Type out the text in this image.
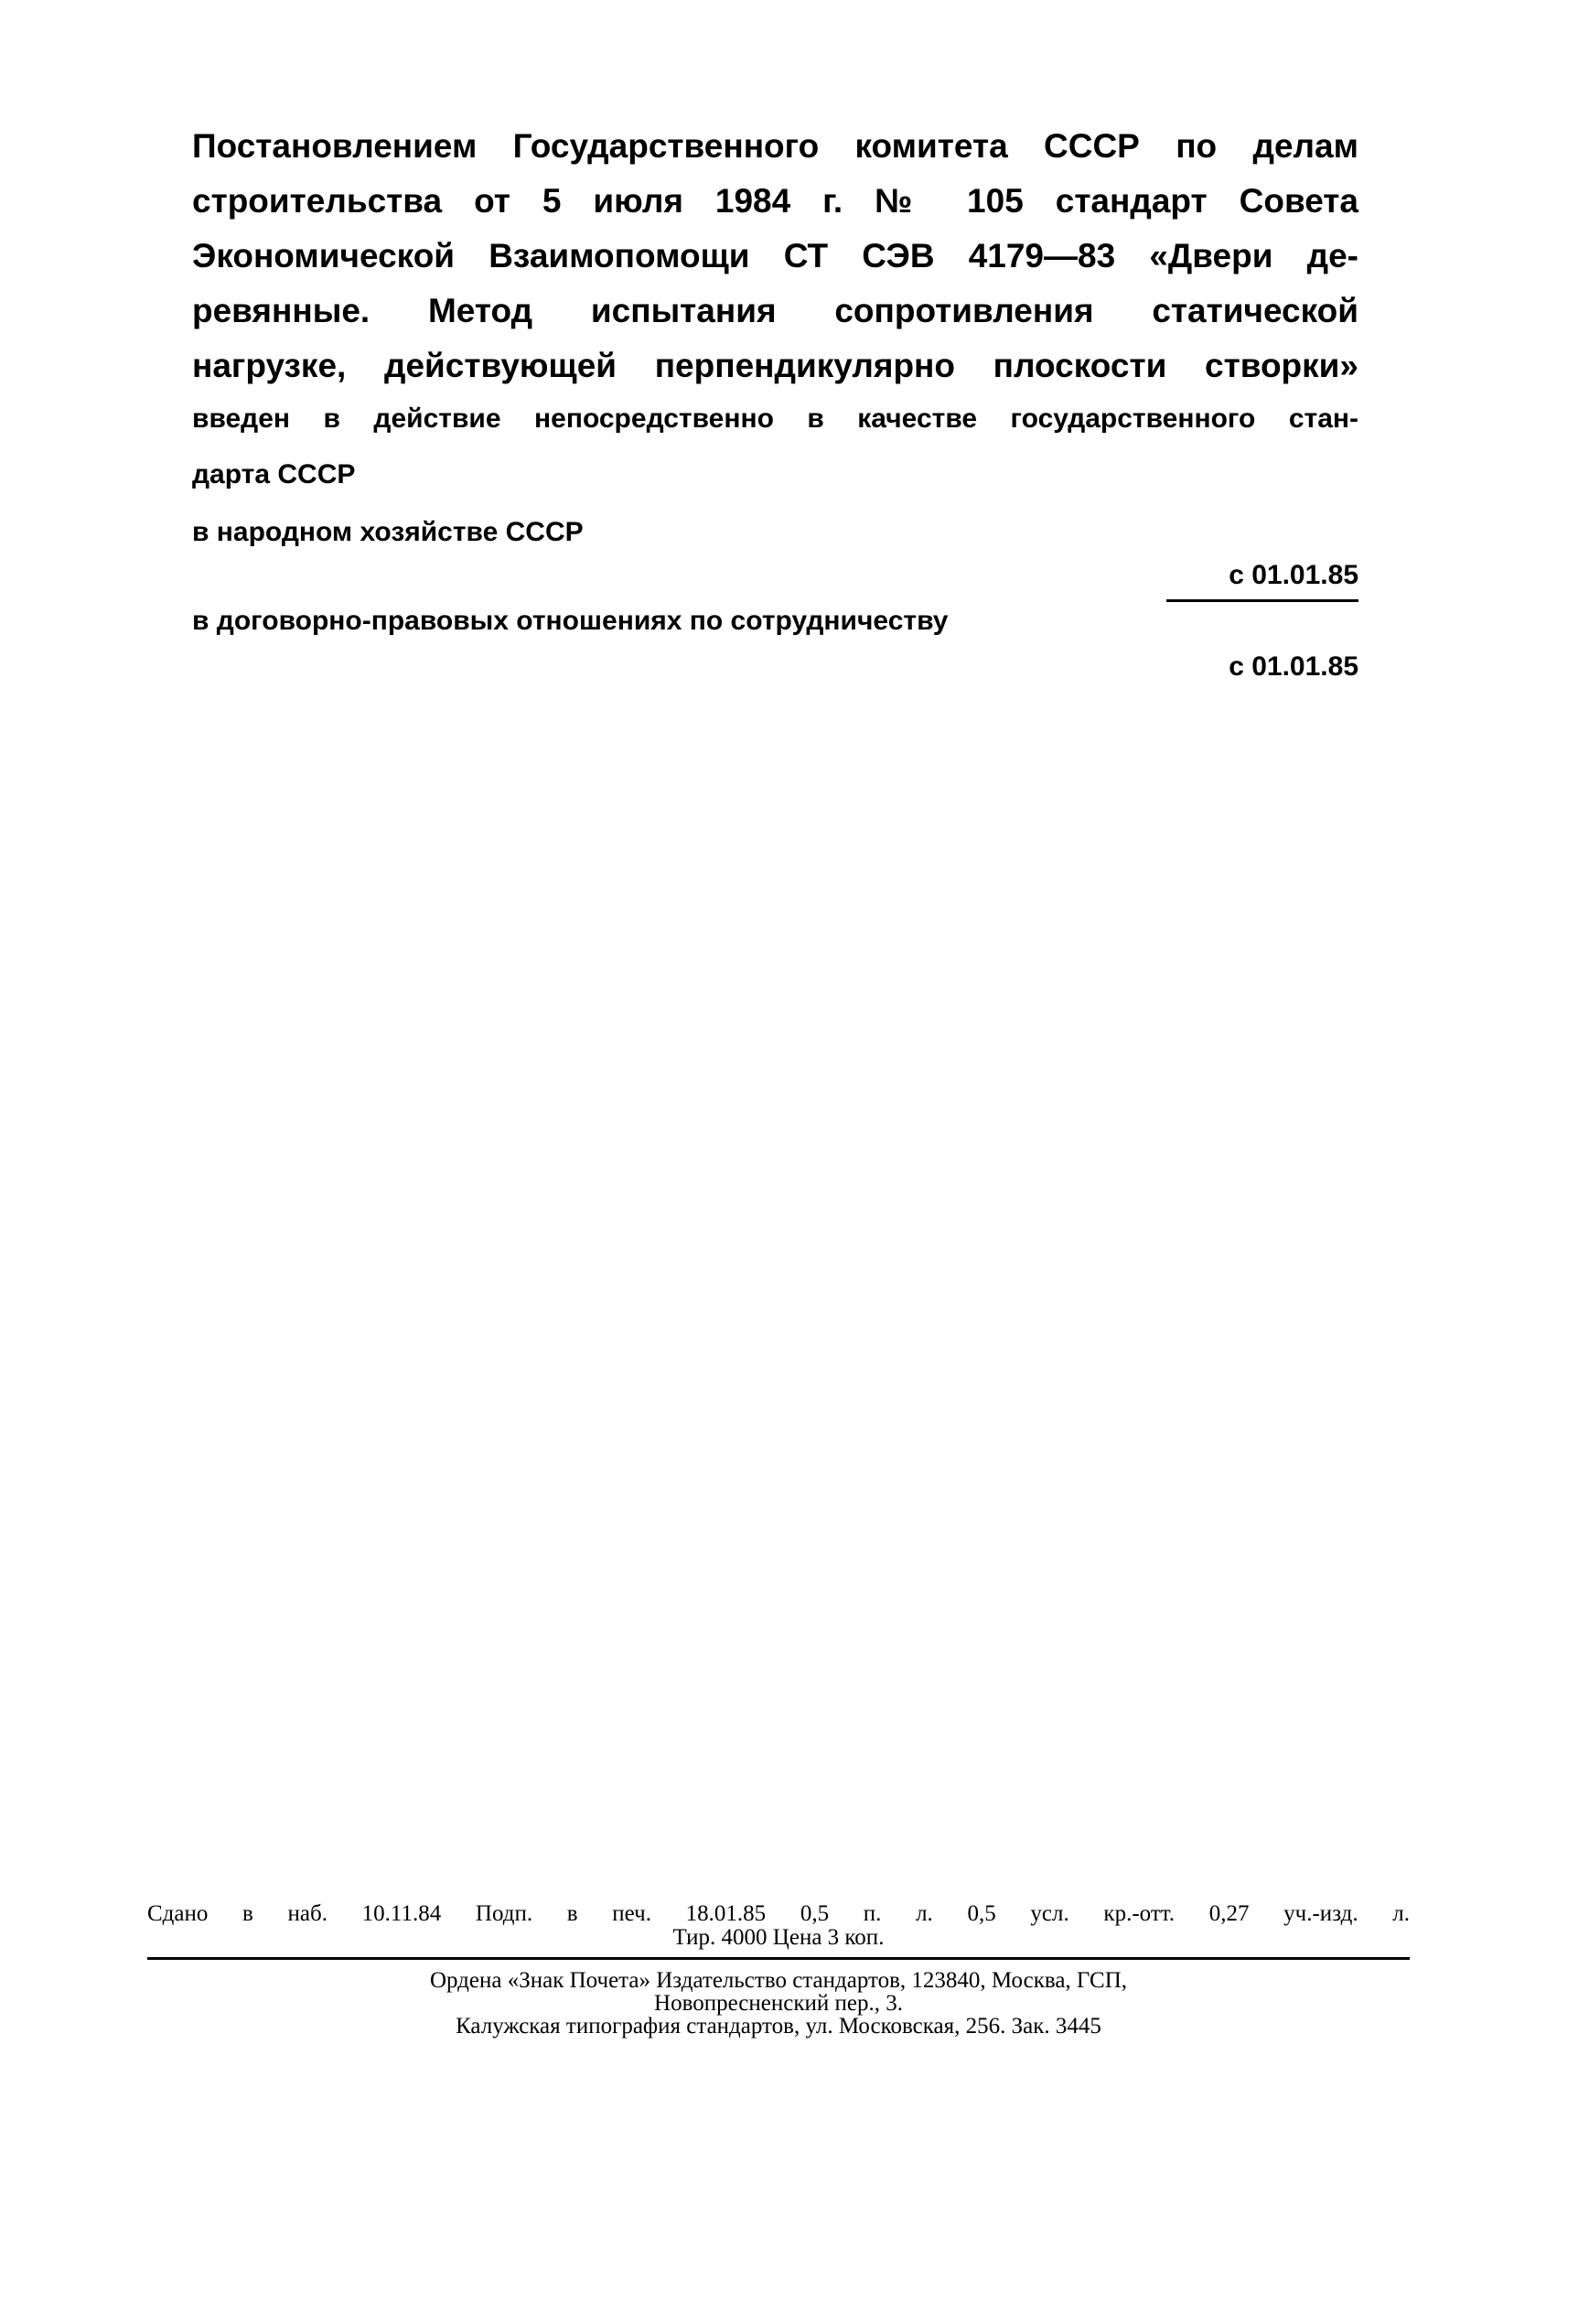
Постановлением Государственного комитета СССР по делам
строительства от 5 июля 1984 г. № 105 стандарт Совета
Экономической Взаимопомощи СТ СЭВ 4179—83 «Двери де-
ревянные. Метод испытания сопротивления статической
нагрузке, действующей перпендикулярно плоскости створки»
введен в действие непосредственно в качестве государственного стан-
дарта СССР
в народном хозяйстве СССР
с 01.01.85
в договорно-правовых отношениях по сотрудничеству
с 01.01.85
Сдано в наб. 10.11.84 Подп. в печ. 18.01.85 0,5 п. л. 0,5 усл. кр.-отт. 0,27 уч.-изд. л.
Тир. 4000 Цена 3 коп.
Ордена «Знак Почета» Издательство стандартов, 123840, Москва, ГСП,
Новопресненский пер., 3.
Калужская типография стандартов, ул. Московская, 256. Зак. 3445
